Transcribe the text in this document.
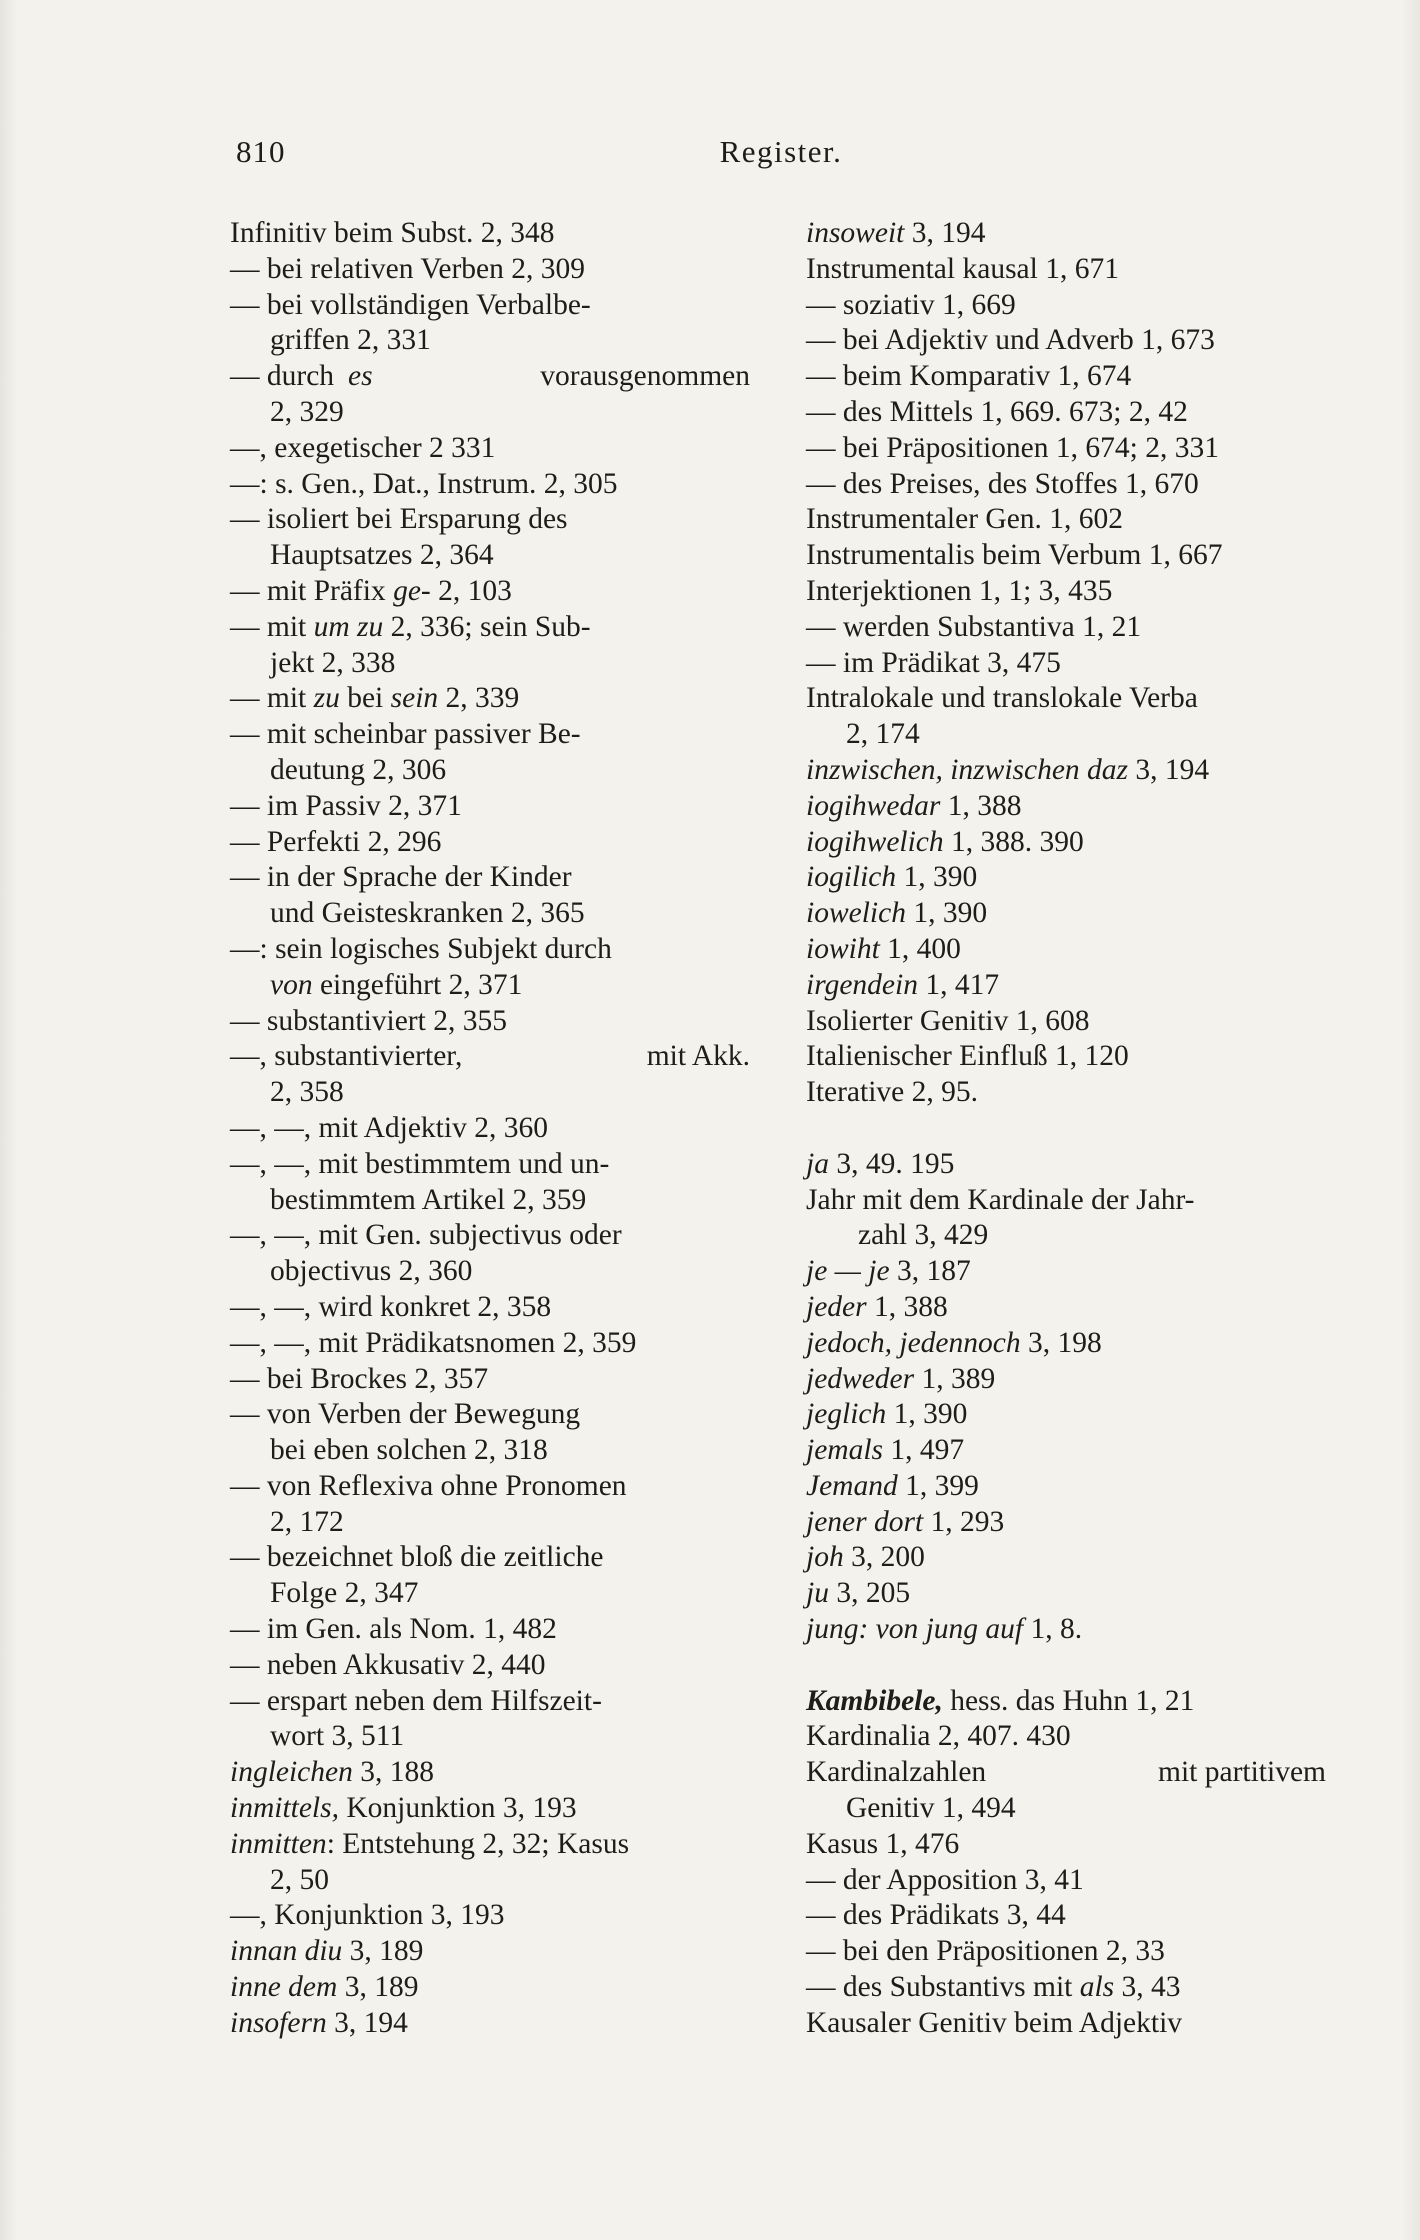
810	Register.
Infinitiv beim Subst. 2, 348
— bei relativen Verben 2, 309
— bei vollständigen Verbalbe-
griffen 2, 331
— durch es	vorausgenommen
2, 329
—, exegetischer 2 331
—: s. Gen., Dat., Instrum. 2, 305
— isoliert bei Ersparung des
Hauptsatzes 2, 364
— mit Präfix ge- 2, 103
— mit um zu 2, 336; sein Sub-
jekt 2, 338
— mit zu bei sein 2, 339
— mit scheinbar passiver Be-
deutung 2, 306
— im Passiv 2, 371
— Perfekti 2, 296
— in der Sprache der Kinder
und Geisteskranken 2, 365
—: sein logisches Subjekt durch
von eingeführt 2, 371
— substantiviert 2, 355
—, substantivierter,	mit Akk.
2, 358
—, —, mit Adjektiv 2, 360
—, —, mit bestimmtem und un-
bestimmtem Artikel 2, 359
—, —, mit Gen. subjectivus oder
objectivus 2, 360
—, —, wird konkret 2, 358
—, —, mit Prädikatsnomen 2, 359
— bei Brockes 2, 357
— von Verben der Bewegung
bei eben solchen 2, 318
— von Reflexiva ohne Pronomen
2, 172
— bezeichnet bloß die zeitliche
Folge 2, 347
— im Gen. als Nom. 1, 482
— neben Akkusativ 2, 440
— erspart neben dem Hilfszeit-
wort 3, 511
ingleichen 3, 188
inmittels, Konjunktion 3, 193
inmitten: Entstehung 2, 32; Kasus
2, 50
—, Konjunktion 3, 193
innan diu 3, 189
inne dem 3, 189
insofern 3, 194
insoweit 3, 194
Instrumental kausal 1, 671
— soziativ 1, 669
— bei Adjektiv und Adverb 1, 673
— beim Komparativ 1, 674
— des Mittels 1, 669. 673; 2, 42
— bei Präpositionen 1, 674; 2, 331
— des Preises, des Stoffes 1, 670
Instrumentaler Gen. 1, 602
Instrumentalis beim Verbum 1, 667
Interjektionen 1, 1; 3, 435
— werden Substantiva 1, 21
— im Prädikat 3, 475
Intralokale und translokale Verba
2, 174
inzwischen, inzwischen daz 3, 194
iogihwedar 1, 388
iogihwelich 1, 388. 390
iogilich 1, 390
iowelich 1, 390
iowiht 1, 400
irgendein 1, 417
Isolierter Genitiv 1, 608
Italienischer Einfluß 1, 120
Iterative 2, 95.
ja 3, 49. 195
Jahr mit dem Kardinale der Jahr-
zahl 3, 429
je — je 3, 187
jeder 1, 388
jedoch, jedennoch 3, 198
jedweder 1, 389
jeglich 1, 390
jemals 1, 497
Jemand 1, 399
jener dort 1, 293
joh 3, 200
ju 3, 205
jung: von jung auf 1, 8.
Kambibele, hess. das Huhn 1, 21
Kardinalia 2, 407. 430
Kardinalzahlen	mit partitivem
Genitiv 1, 494
Kasus 1, 476
— der Apposition 3, 41
— des Prädikats 3, 44
— bei den Präpositionen 2, 33
— des Substantivs mit als 3, 43
Kausaler Genitiv beim Adjektiv
